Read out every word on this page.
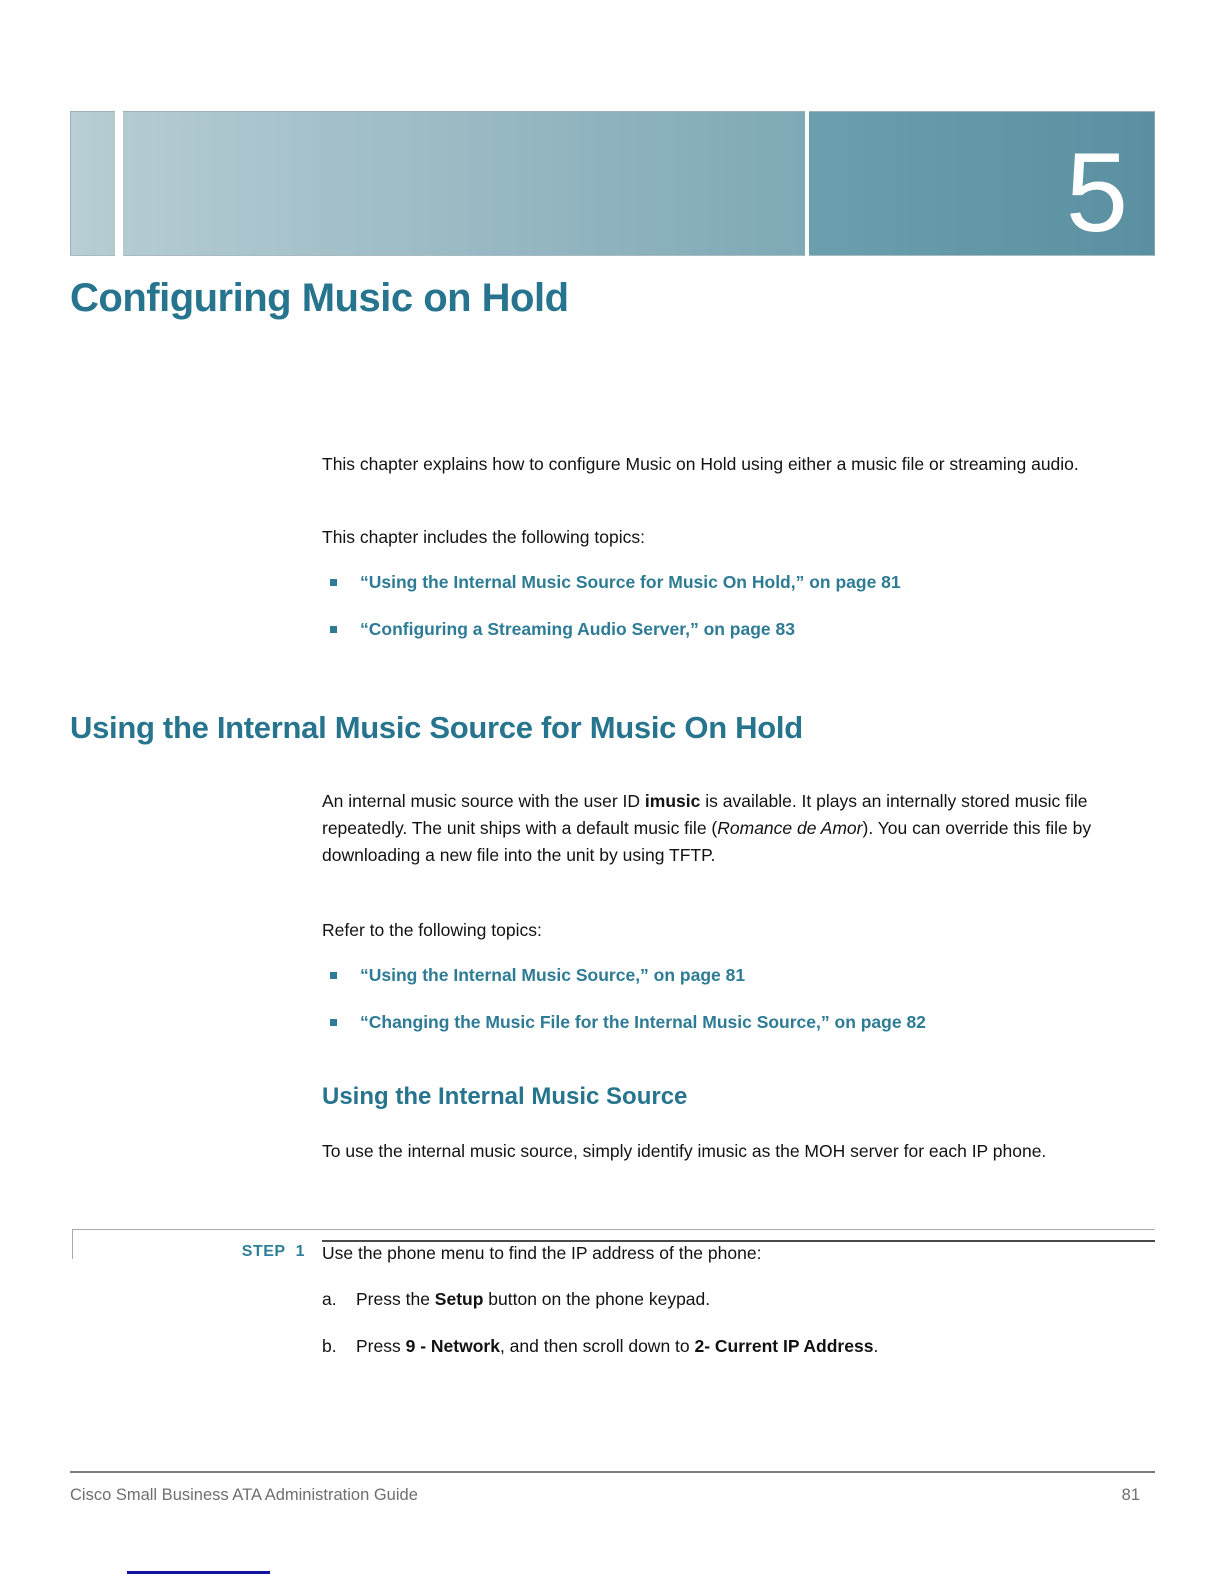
5
Configuring Music on Hold

This chapter explains how to configure Music on Hold using either a music file or streaming audio.

This chapter includes the following topics:

“Using the Internal Music Source for Music On Hold,” on page 81
“Configuring a Streaming Audio Server,” on page 83
Using the Internal Music Source for Music On Hold

An internal music source with the user ID imusic is available. It plays an internally stored music file repeatedly. The unit ships with a default music file (Romance de Amor). You can override this file by downloading a new file into the unit by using TFTP.

Refer to the following topics:

“Using the Internal Music Source,” on page 81
“Changing the Music File for the Internal Music Source,” on page 82
Using the Internal Music Source

To use the internal music source, simply identify imusic as the MOH server for each IP phone.

STEP 1 Use the phone menu to find the IP address of the phone:

a.	Press the Setup button on the phone keypad.

b.	Press 9 - Network, and then scroll down to 2- Current IP Address.

Cisco Small Business ATA Administration Guide	81
